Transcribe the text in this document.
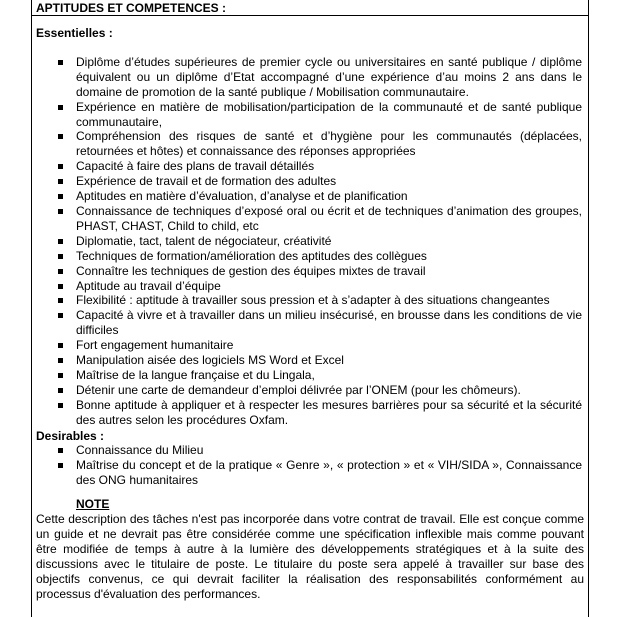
APTITUDES ET COMPETENCES :
Essentielles :
Diplôme d’études supérieures de premier cycle ou universitaires en santé publique / diplôme équivalent ou un diplôme d’Etat accompagné d’une expérience d’au moins 2 ans dans le domaine de promotion de la santé publique / Mobilisation communautaire.
Expérience en matière de mobilisation/participation de la communauté et de santé publique communautaire,
Compréhension des risques de santé et d’hygiène pour les communautés (déplacées, retournées et hôtes) et connaissance des réponses appropriées
Capacité à faire des plans de travail détaillés
Expérience de travail et de formation des adultes
Aptitudes en matière d’évaluation, d’analyse et de planification
Connaissance de techniques d’exposé oral ou écrit et de techniques d’animation des groupes, PHAST, CHAST, Child to child, etc
Diplomatie, tact, talent de négociateur, créativité
Techniques de formation/amélioration des aptitudes des collègues
Connaître les techniques de gestion des équipes mixtes de travail
Aptitude au travail d’équipe
Flexibilité : aptitude à travailler sous pression et à s’adapter à des situations changeantes
Capacité à vivre et à travailler dans un milieu insécurisé, en brousse dans les conditions de vie difficiles
Fort engagement humanitaire
Manipulation aisée des logiciels MS Word et Excel
Maîtrise de la langue française et du Lingala,
Détenir une carte de demandeur d’emploi délivrée par l’ONEM (pour les chômeurs).
Bonne aptitude à appliquer et à respecter les mesures barrières pour sa sécurité et la sécurité des autres selon les procédures Oxfam.
Desirables :
Connaissance du Milieu
Maîtrise du concept et de la pratique « Genre », « protection » et « VIH/SIDA », Connaissance des ONG humanitaires
NOTE
Cette description des tâches n'est pas incorporée dans votre contrat de travail. Elle est conçue comme un guide et ne devrait pas être considérée comme une spécification inflexible mais comme pouvant être modifiée de temps à autre à la lumière des développements stratégiques et à la suite des discussions avec le titulaire de poste. Le titulaire du poste sera appelé à travailler sur base des objectifs convenus, ce qui devrait faciliter la réalisation des responsabilités conformément au processus d'évaluation des performances.
